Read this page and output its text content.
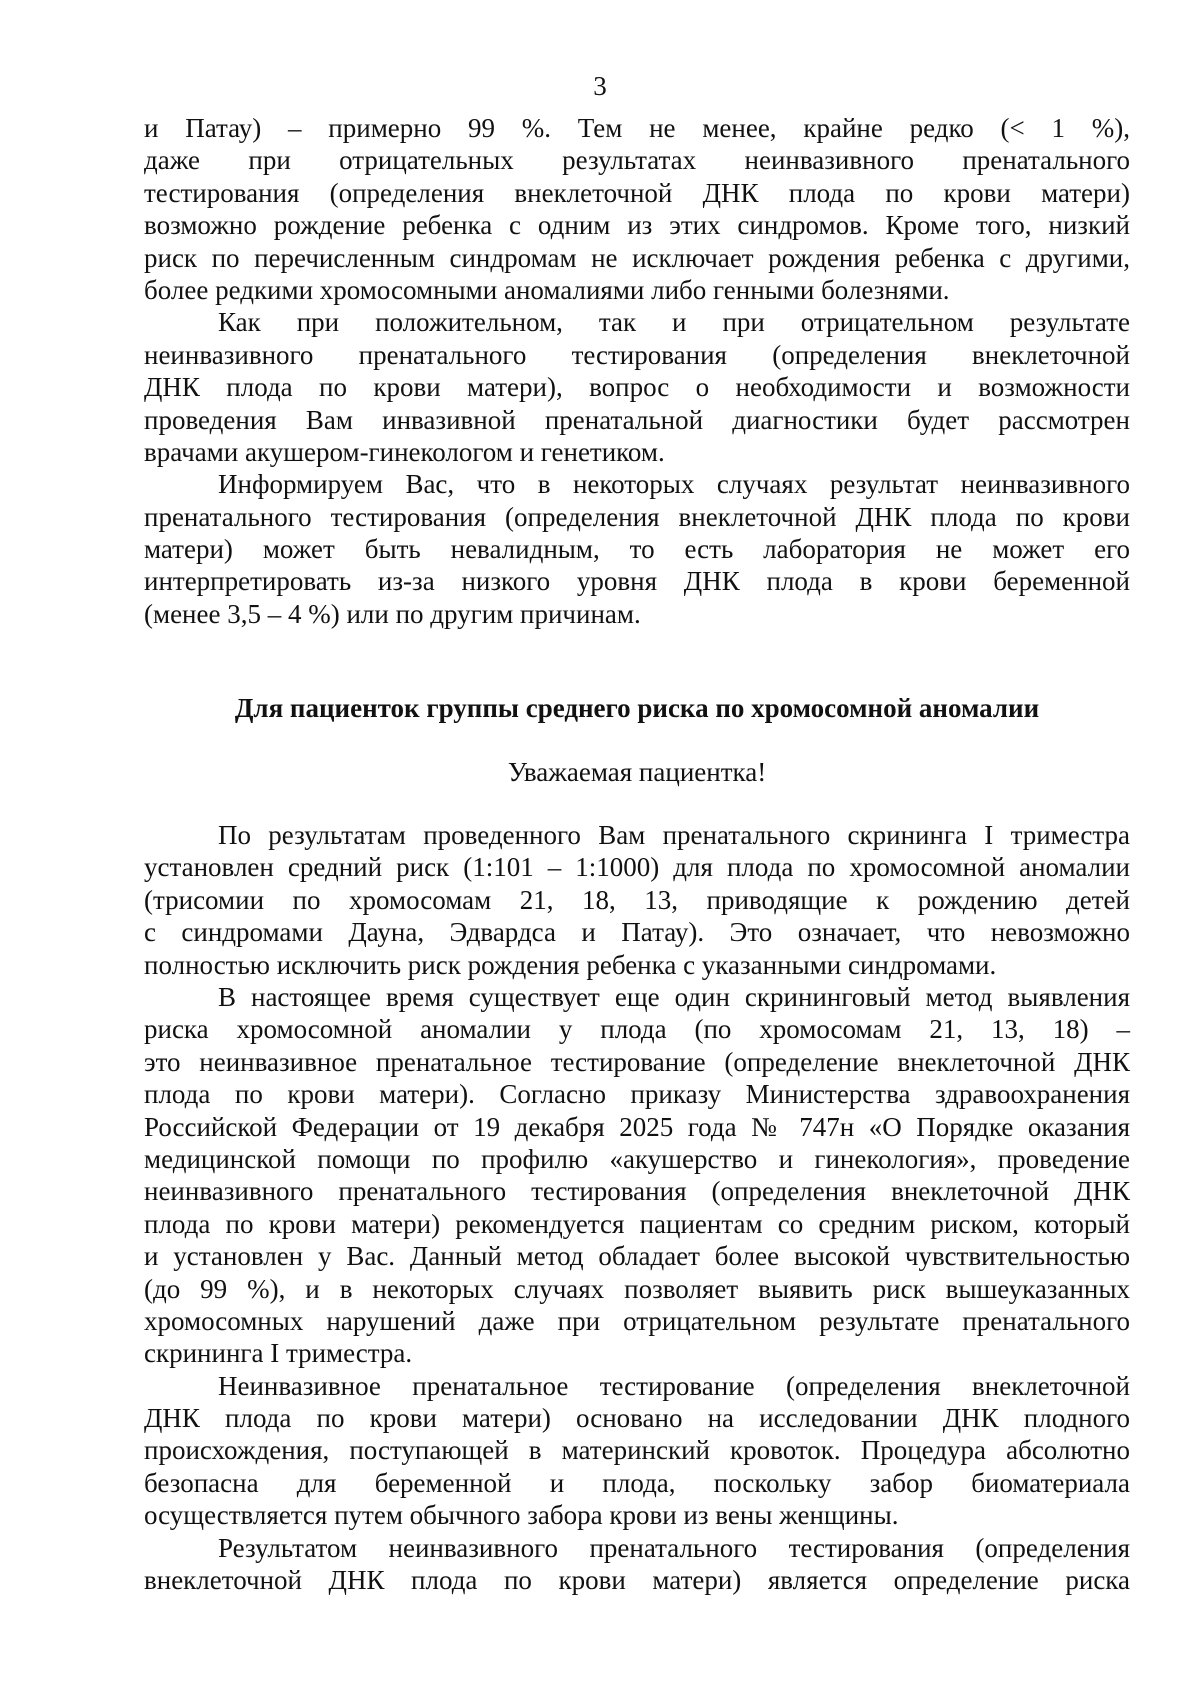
3
и Патау) – примерно 99 %. Тем не менее, крайне редко (< 1 %),
даже при отрицательных результатах неинвазивного пренатального
тестирования (определения внеклеточной ДНК плода по крови матери)
возможно рождение ребенка с одним из этих синдромов. Кроме того, низкий
риск по перечисленным синдромам не исключает рождения ребенка с другими,
более редкими хромосомными аномалиями либо генными болезнями.
Как при положительном, так и при отрицательном результате
неинвазивного пренатального тестирования (определения внеклеточной
ДНК плода по крови матери), вопрос о необходимости и возможности
проведения Вам инвазивной пренатальной диагностики будет рассмотрен
врачами акушером-гинекологом и генетиком.
Информируем Вас, что в некоторых случаях результат неинвазивного
пренатального тестирования (определения внеклеточной ДНК плода по крови
матери) может быть невалидным, то есть лаборатория не может его
интерпретировать из-за низкого уровня ДНК плода в крови беременной
(менее 3,5 – 4 %) или по другим причинам.
Для пациенток группы среднего риска по хромосомной аномалии
Уважаемая пациентка!
По результатам проведенного Вам пренатального скрининга I триместра
установлен средний риск (1:101 – 1:1000) для плода по хромосомной аномалии
(трисомии по хромосомам 21, 18, 13, приводящие к рождению детей
с синдромами Дауна, Эдвардса и Патау). Это означает, что невозможно
полностью исключить риск рождения ребенка с указанными синдромами.
В настоящее время существует еще один скрининговый метод выявления
риска хромосомной аномалии у плода (по хромосомам 21, 13, 18) –
это неинвазивное пренатальное тестирование (определение внеклеточной ДНК
плода по крови матери). Согласно приказу Министерства здравоохранения
Российской Федерации от 19 декабря 2025 года № 747н «О Порядке оказания
медицинской помощи по профилю «акушерство и гинекология», проведение
неинвазивного пренатального тестирования (определения внеклеточной ДНК
плода по крови матери) рекомендуется пациентам со средним риском, который
и установлен у Вас. Данный метод обладает более высокой чувствительностью
(до 99 %), и в некоторых случаях позволяет выявить риск вышеуказанных
хромосомных нарушений даже при отрицательном результате пренатального
скрининга I триместра.
Неинвазивное пренатальное тестирование (определения внеклеточной
ДНК плода по крови матери) основано на исследовании ДНК плодного
происхождения, поступающей в материнский кровоток. Процедура абсолютно
безопасна для беременной и плода, поскольку забор биоматериала
осуществляется путем обычного забора крови из вены женщины.
Результатом неинвазивного пренатального тестирования (определения
внеклеточной ДНК плода по крови матери) является определение риска
